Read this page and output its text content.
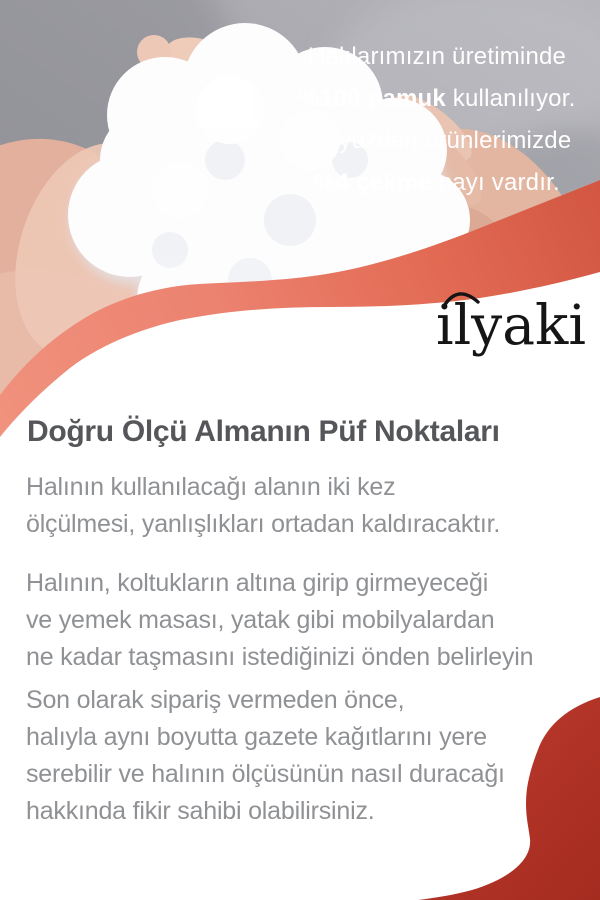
Halılarımızın üretiminde
%100 pamuk kullanılıyor.
Bu yüzden ürünlerimizde
%4 çekme payı vardır.
ilyaki
Doğru Ölçü Almanın Püf Noktaları

Halının kullanılacağı alanın iki kez
ölçülmesi, yanlışlıkları ortadan kaldıracaktır.

Halının, koltukların altına girip girmeyeceği
ve yemek masası, yatak gibi mobilyalardan
ne kadar taşmasını istediğinizi önden belirleyin

Son olarak sipariş vermeden önce,
halıyla aynı boyutta gazete kağıtlarını yere
serebilir ve halının ölçüsünün nasıl duracağı
hakkında fikir sahibi olabilirsiniz.
